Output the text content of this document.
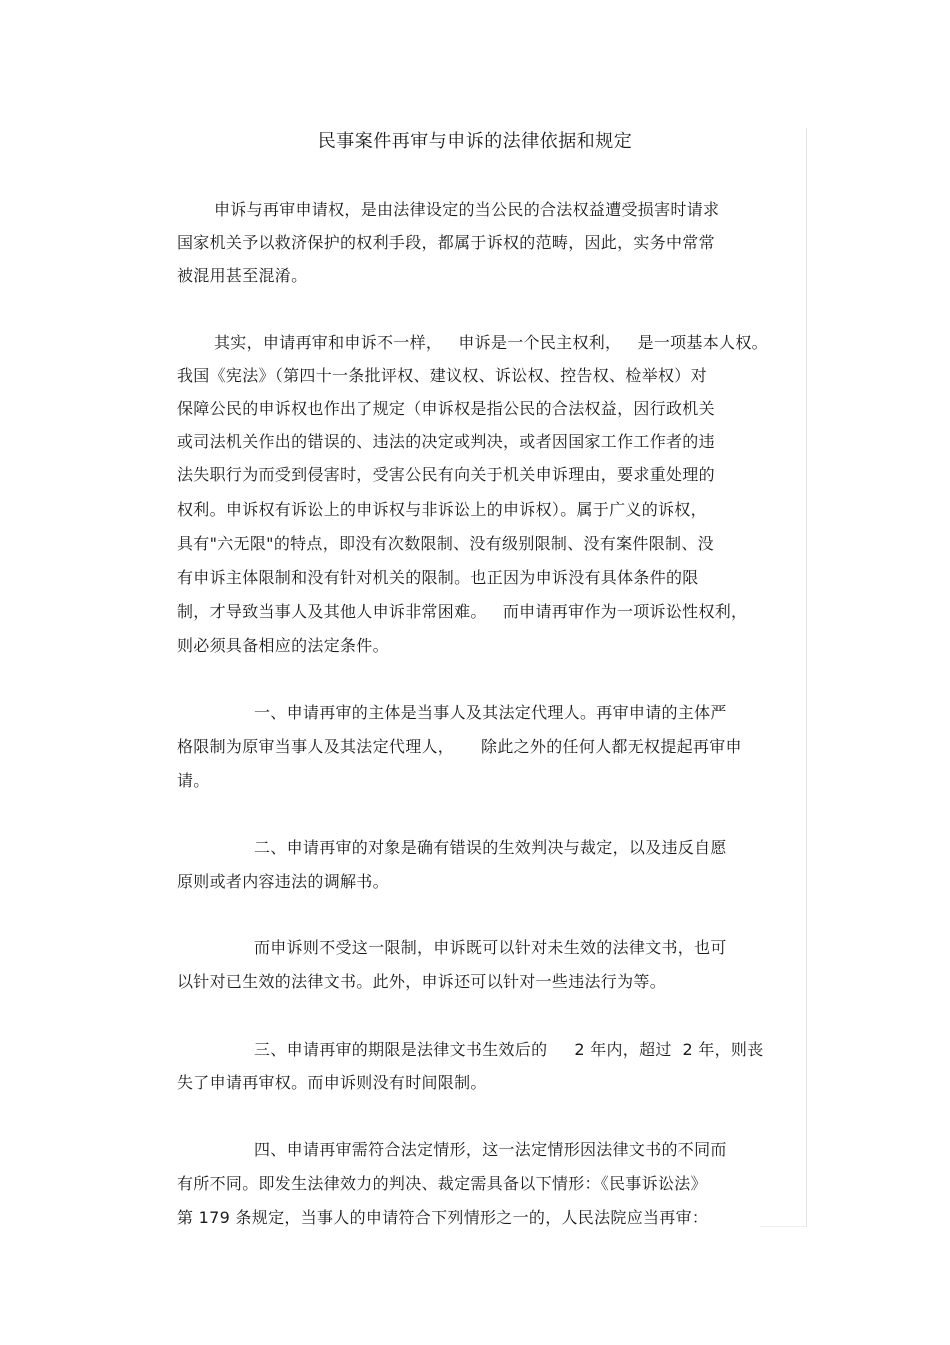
民事案件再审与申诉的法律依据和规定
申诉与再审申请权，是由法律设定的当公民的合法权益遭受损害时请求
国家机关予以救济保护的权利手段，都属于诉权的范畴，因此，实务中常常
被混用甚至混淆。
其实，申请再审和申诉不一样，   申诉是一个民主权利，   是一项基本人权。
我国《宪法》（第四十一条批评权、建议权、诉讼权、控告权、检举权）对
保障公民的申诉权也作出了规定（申诉权是指公民的合法权益，因行政机关
或司法机关作出的错误的、违法的决定或判决，或者因国家工作工作者的违
法失职行为而受到侵害时，受害公民有向关于机关申诉理由，要求重处理的
权利。申诉权有诉讼上的申诉权与非诉讼上的申诉权）。属于广义的诉权，
具有"六无限"的特点，即没有次数限制、没有级别限制、没有案件限制、没
有申诉主体限制和没有针对机关的限制。也正因为申诉没有具体条件的限
制，才导致当事人及其他人申诉非常困难。   而申请再审作为一项诉讼性权利，
则必须具备相应的法定条件。
一、申请再审的主体是当事人及其法定代理人。再审申请的主体严
格限制为原审当事人及其法定代理人，     除此之外的任何人都无权提起再审申
请。
二、申请再审的对象是确有错误的生效判决与裁定，以及违反自愿
原则或者内容违法的调解书。
而申诉则不受这一限制，申诉既可以针对未生效的法律文书，也可
以针对已生效的法律文书。此外，申诉还可以针对一些违法行为等。
三、申请再审的期限是法律文书生效后的     2 年内，超过  2 年，则丧
失了申请再审权。而申诉则没有时间限制。
四、申请再审需符合法定情形，这一法定情形因法律文书的不同而
有所不同。即发生法律效力的判决、裁定需具备以下情形：《民事诉讼法》
第 179 条规定，当事人的申请符合下列情形之一的，人民法院应当再审：
